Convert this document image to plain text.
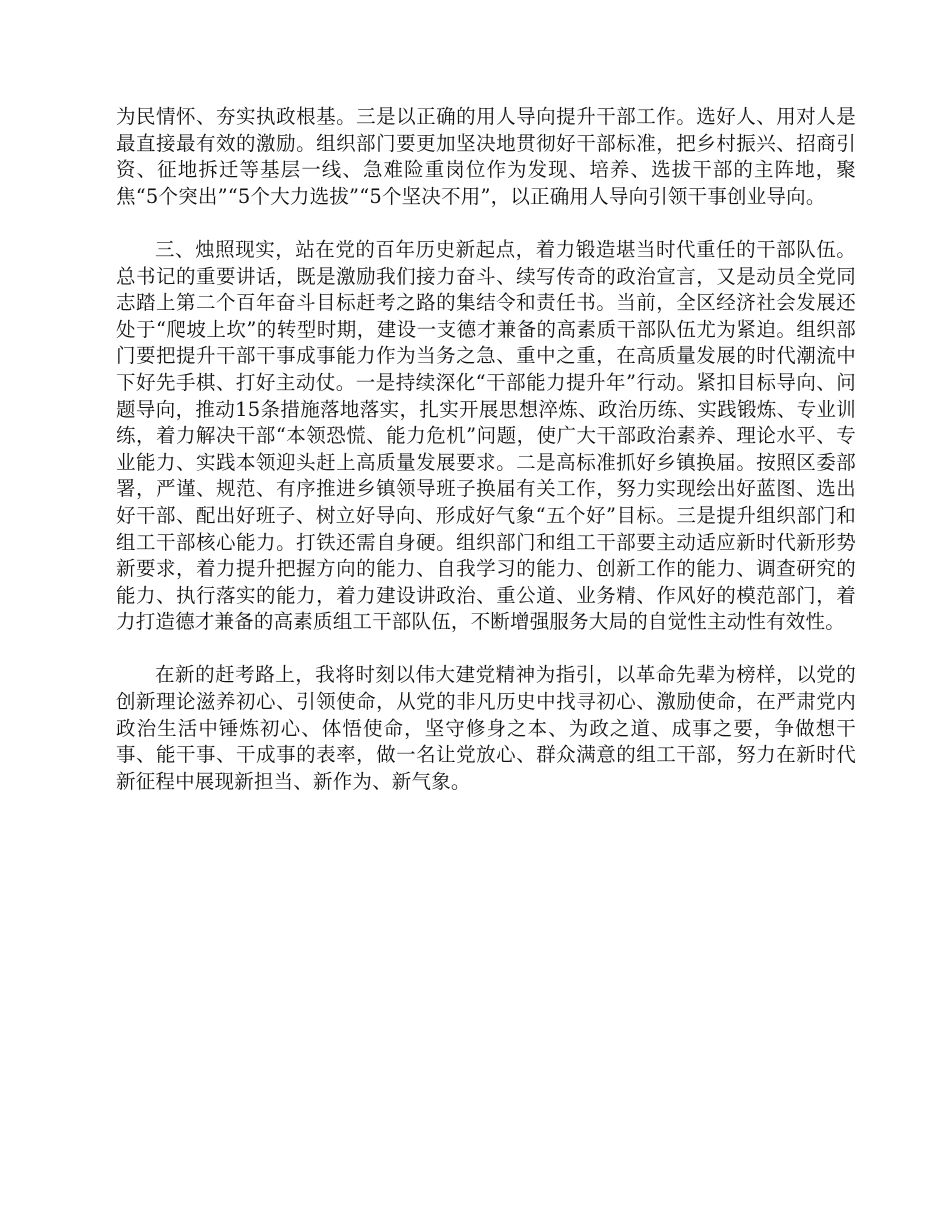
为民情怀、夯实执政根基。三是以正确的用人导向提升干部工作。选好人、用对人是最直接最有效的激励。组织部门要更加坚决地贯彻好干部标准，把乡村振兴、招商引资、征地拆迁等基层一线、急难险重岗位作为发现、培养、选拔干部的主阵地，聚焦“5个突出”“5个大力选拔”“5个坚决不用”，以正确用人导向引领干事创业导向。

三、烛照现实，站在党的百年历史新起点，着力锻造堪当时代重任的干部队伍。总书记的重要讲话，既是激励我们接力奋斗、续写传奇的政治宣言，又是动员全党同志踏上第二个百年奋斗目标赶考之路的集结令和责任书。当前，全区经济社会发展还处于“爬坡上坎”的转型时期，建设一支德才兼备的高素质干部队伍尤为紧迫。组织部门要把提升干部干事成事能力作为当务之急、重中之重，在高质量发展的时代潮流中下好先手棋、打好主动仗。一是持续深化“干部能力提升年”行动。紧扣目标导向、问题导向，推动15条措施落地落实，扎实开展思想淬炼、政治历练、实践锻炼、专业训练，着力解决干部“本领恐慌、能力危机”问题，使广大干部政治素养、理论水平、专业能力、实践本领迎头赶上高质量发展要求。二是高标准抓好乡镇换届。按照区委部署，严谨、规范、有序推进乡镇领导班子换届有关工作，努力实现绘出好蓝图、选出好干部、配出好班子、树立好导向、形成好气象“五个好”目标。三是提升组织部门和组工干部核心能力。打铁还需自身硬。组织部门和组工干部要主动适应新时代新形势新要求，着力提升把握方向的能力、自我学习的能力、创新工作的能力、调查研究的能力、执行落实的能力，着力建设讲政治、重公道、业务精、作风好的模范部门，着力打造德才兼备的高素质组工干部队伍，不断增强服务大局的自觉性主动性有效性。

在新的赶考路上，我将时刻以伟大建党精神为指引，以革命先辈为榜样，以党的创新理论滋养初心、引领使命，从党的非凡历史中找寻初心、激励使命，在严肃党内政治生活中锤炼初心、体悟使命，坚守修身之本、为政之道、成事之要，争做想干事、能干事、干成事的表率，做一名让党放心、群众满意的组工干部，努力在新时代新征程中展现新担当、新作为、新气象。
